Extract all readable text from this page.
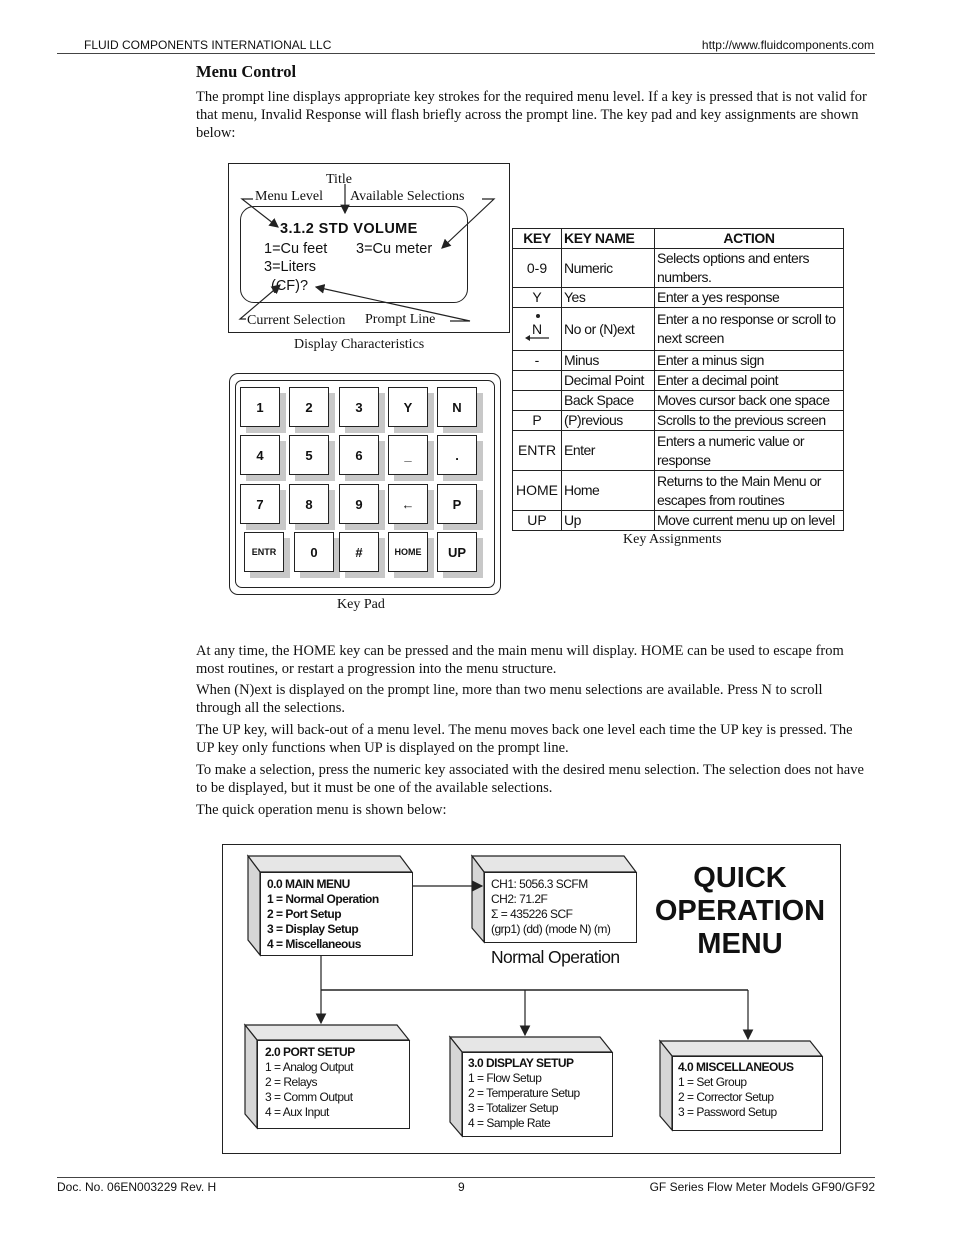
FLUID COMPONENTS INTERNATIONAL LLC	http://www.fluidcomponents.com
Menu Control
The prompt line displays appropriate key strokes for the required menu level. If a key is pressed that is not valid for that menu, Invalid Response will flash briefly across the prompt line. The key pad and key assignments are shown below:
Title
Menu Level Available Selections
Current Selection Prompt Line
3.1.2 STD VOLUME
1=Cu feet 3=Cu meter
3=Liters
(CF)?
Display Characteristics
1	2	3	Y	N
4	5	6	_	.
7	8	9	←	P
ENTR	0	#	HOME	UP
Key Pad
KEY	KEY NAME	ACTION
0-9	Numeric	Selects options and enters numbers.
Y	Yes	Enter a yes response

N	No or (N)ext	Enter a no response or scroll to next screen
-	Minus	Enter a minus sign
	Decimal Point	Enter a decimal point
	Back Space	Moves cursor back one space
P	(P)revious	Scrolls to the previous screen
ENTR	Enter	Enters a numeric value or response
HOME	Home	Returns to the Main Menu or escapes from routines
UP	Up	Move current menu up on level
Key Assignments
At any time, the HOME key can be pressed and the main menu will display. HOME can be used to escape from most routines, or restart a progression into the menu structure.
When (N)ext is displayed on the prompt line, more than two menu selections are available. Press N to scroll through all the selections.
The UP key, will back-out of a menu level. The menu moves back one level each time the UP key is pressed. The UP key only functions when UP is displayed on the prompt line.
To make a selection, press the numeric key associated with the desired menu selection. The selection does not have to be displayed, but it must be one of the available selections.
The quick operation menu is shown below:
QUICK
OPERATION
MENU
0.0 MAIN MENU
1 = Normal Operation
2 = Port Setup
3 = Display Setup
4 = Miscellaneous
CH1: 5056.3 SCFM
CH2: 71.2F
Σ = 435226 SCF
(grp1) (dd) (mode N) (m)
Normal Operation
2.0 PORT SETUP
1 = Analog Output
2 = Relays
3 = Comm Output
4 = Aux Input
3.0 DISPLAY SETUP
1 = Flow Setup
2 = Temperature Setup
3 = Totalizer Setup
4 = Sample Rate
4.0 MISCELLANEOUS
1 = Set Group
2 = Corrector Setup
3 = Password Setup
Doc. No. 06EN003229 Rev. H	9	GF Series Flow Meter Models GF90/GF92
